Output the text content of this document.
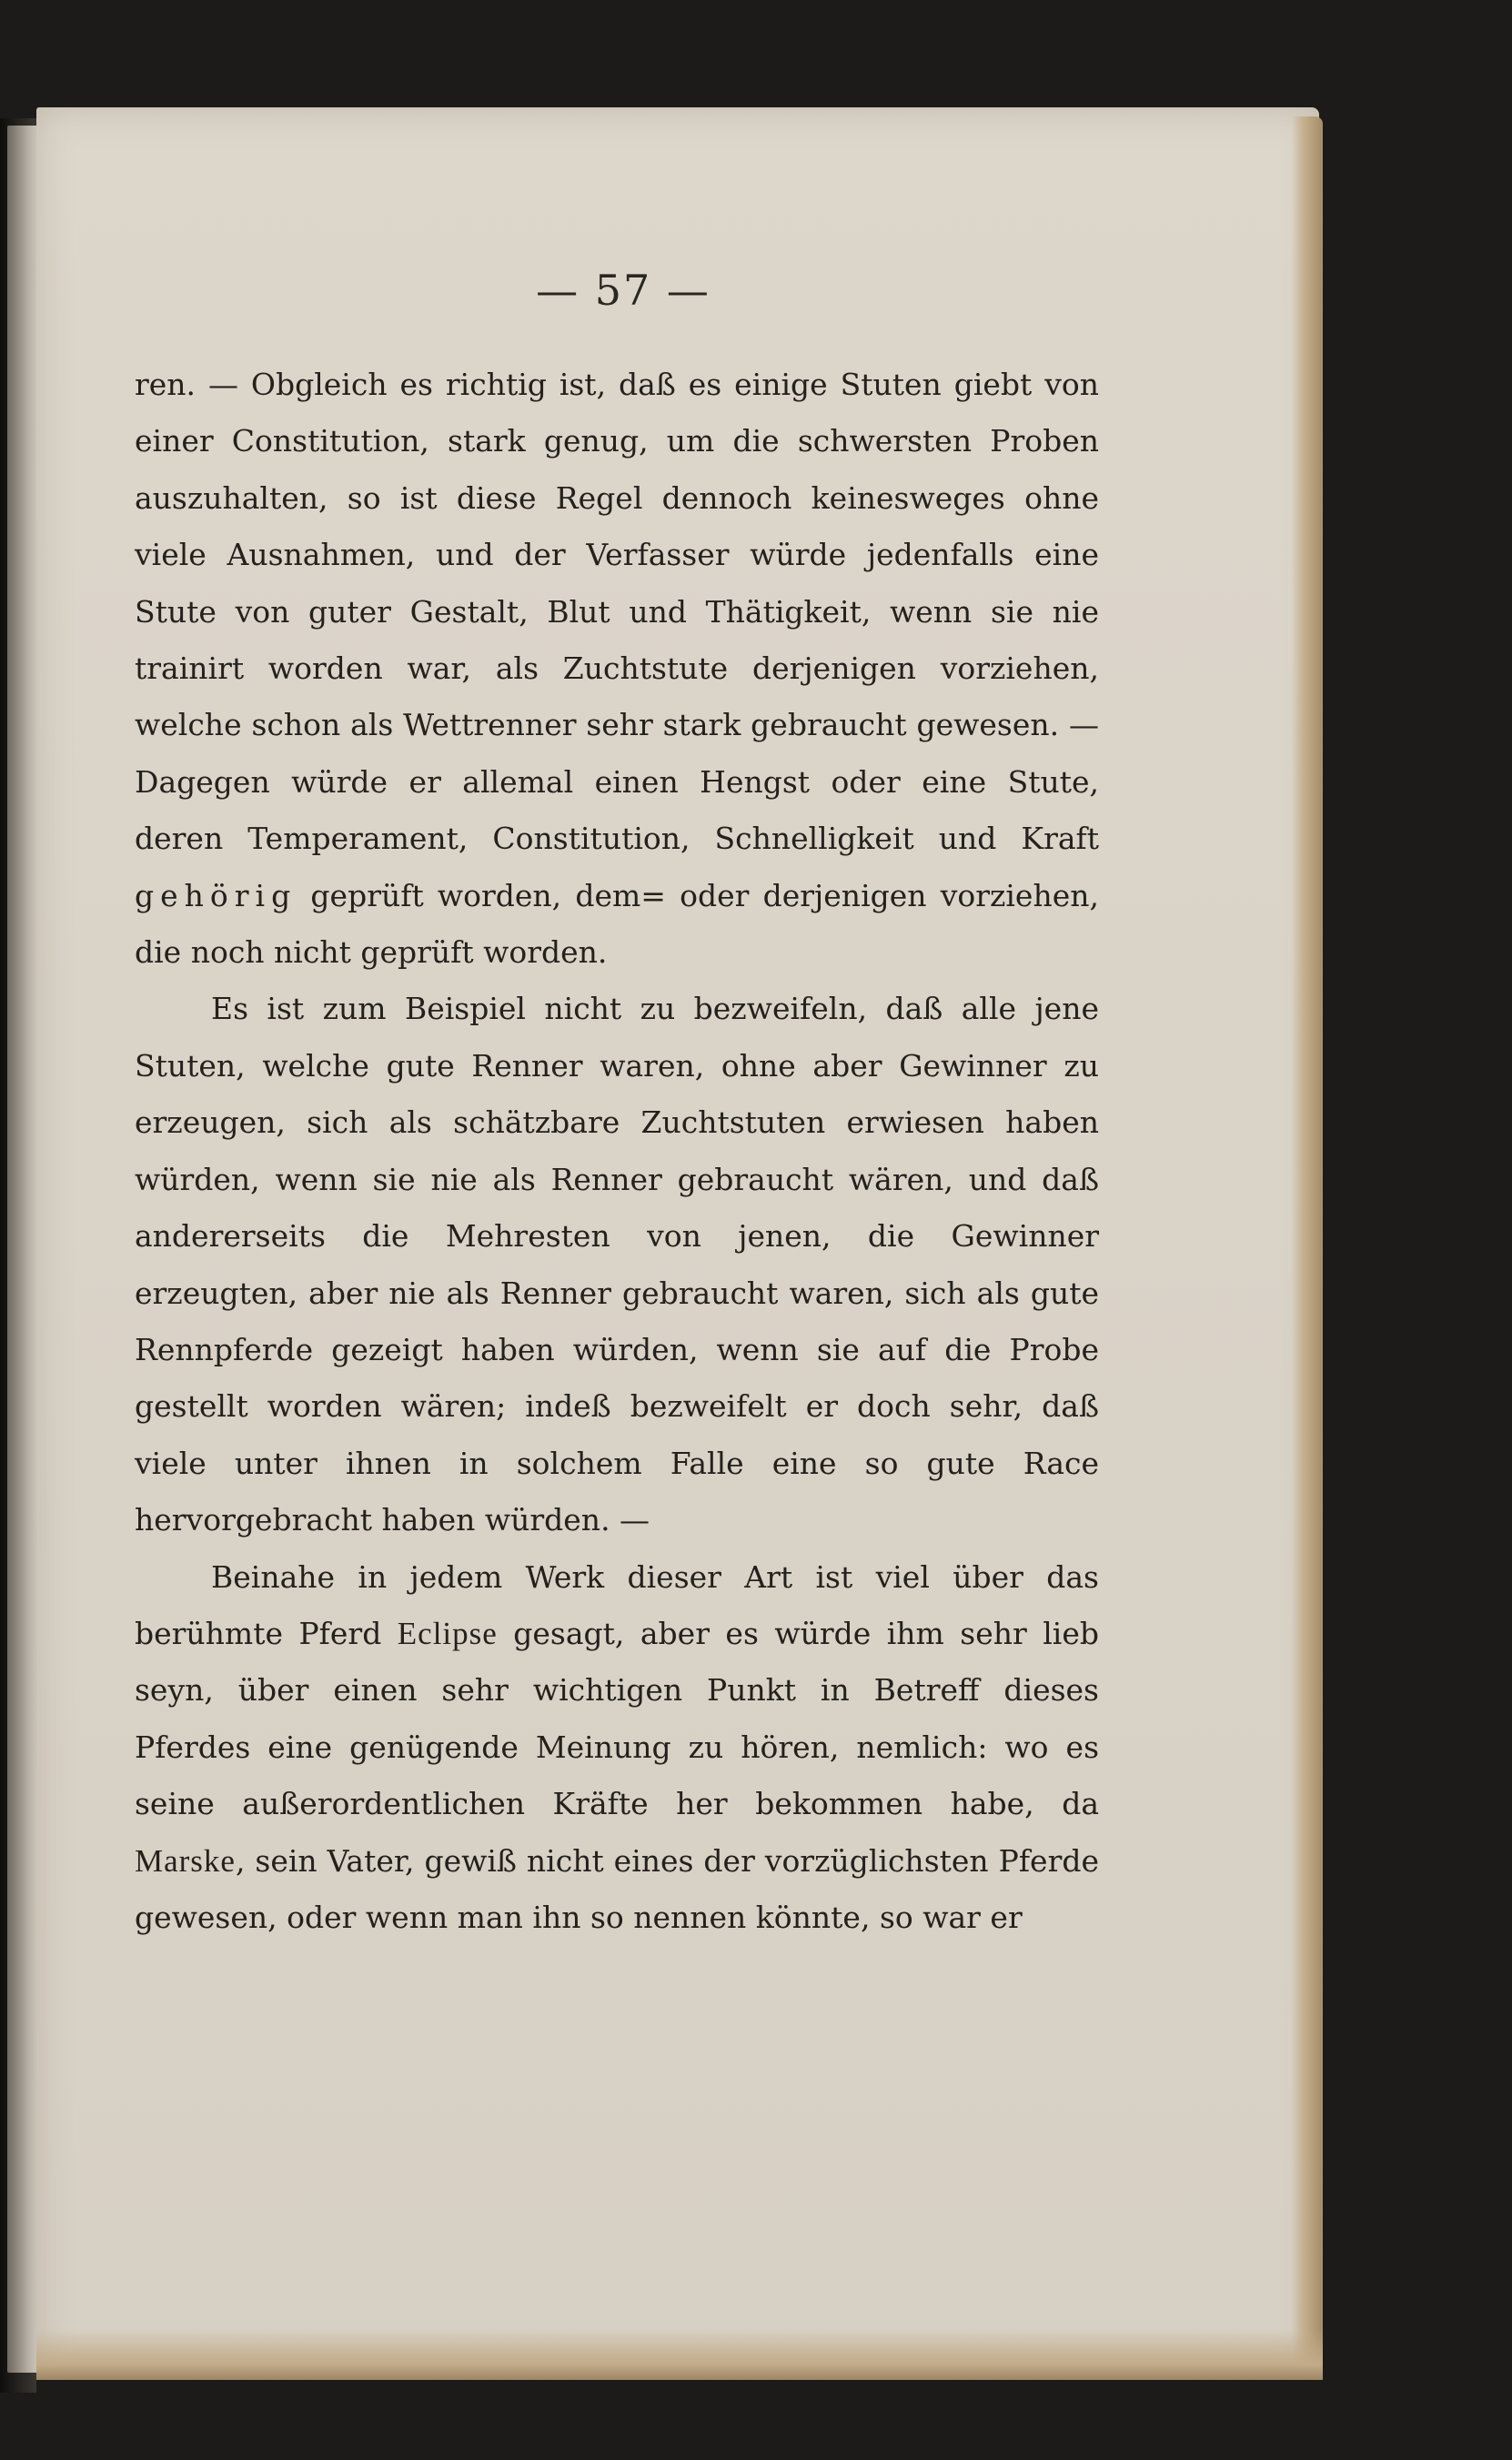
— 57 —

ren. — Obgleich es richtig ist, daß es einige Stuten giebt von einer Constitution, stark genug, um die schwersten Proben auszuhalten, so ist diese Regel dennoch keinesweges ohne viele Ausnahmen, und der Verfasser würde jedenfalls eine Stute von guter Gestalt, Blut und Thätigkeit, wenn sie nie trainirt worden war, als Zuchtstute derjenigen vorziehen, welche schon als Wettrenner sehr stark gebraucht gewesen. — Dagegen würde er allemal einen Hengst oder eine Stute, deren Temperament, Constitution, Schnelligkeit und Kraft gehörig geprüft worden, dem= oder derjenigen vorziehen, die noch nicht geprüft worden.

Es ist zum Beispiel nicht zu bezweifeln, daß alle jene Stuten, welche gute Renner waren, ohne aber Gewinner zu erzeugen, sich als schätzbare Zuchtstuten erwiesen haben würden, wenn sie nie als Renner gebraucht wären, und daß andererseits die Mehresten von jenen, die Gewinner erzeugten, aber nie als Renner gebraucht waren, sich als gute Rennpferde gezeigt haben würden, wenn sie auf die Probe gestellt worden wären; indeß bezweifelt er doch sehr, daß viele unter ihnen in solchem Falle eine so gute Race hervorgebracht haben würden. —

Beinahe in jedem Werk dieser Art ist viel über das berühmte Pferd Eclipse gesagt, aber es würde ihm sehr lieb seyn, über einen sehr wichtigen Punkt in Betreff dieses Pferdes eine genügende Meinung zu hören, nemlich: wo es seine außerordentlichen Kräfte her bekommen habe, da Marske, sein Vater, gewiß nicht eines der vorzüglichsten Pferde gewesen, oder wenn man ihn so nennen könnte, so war er
